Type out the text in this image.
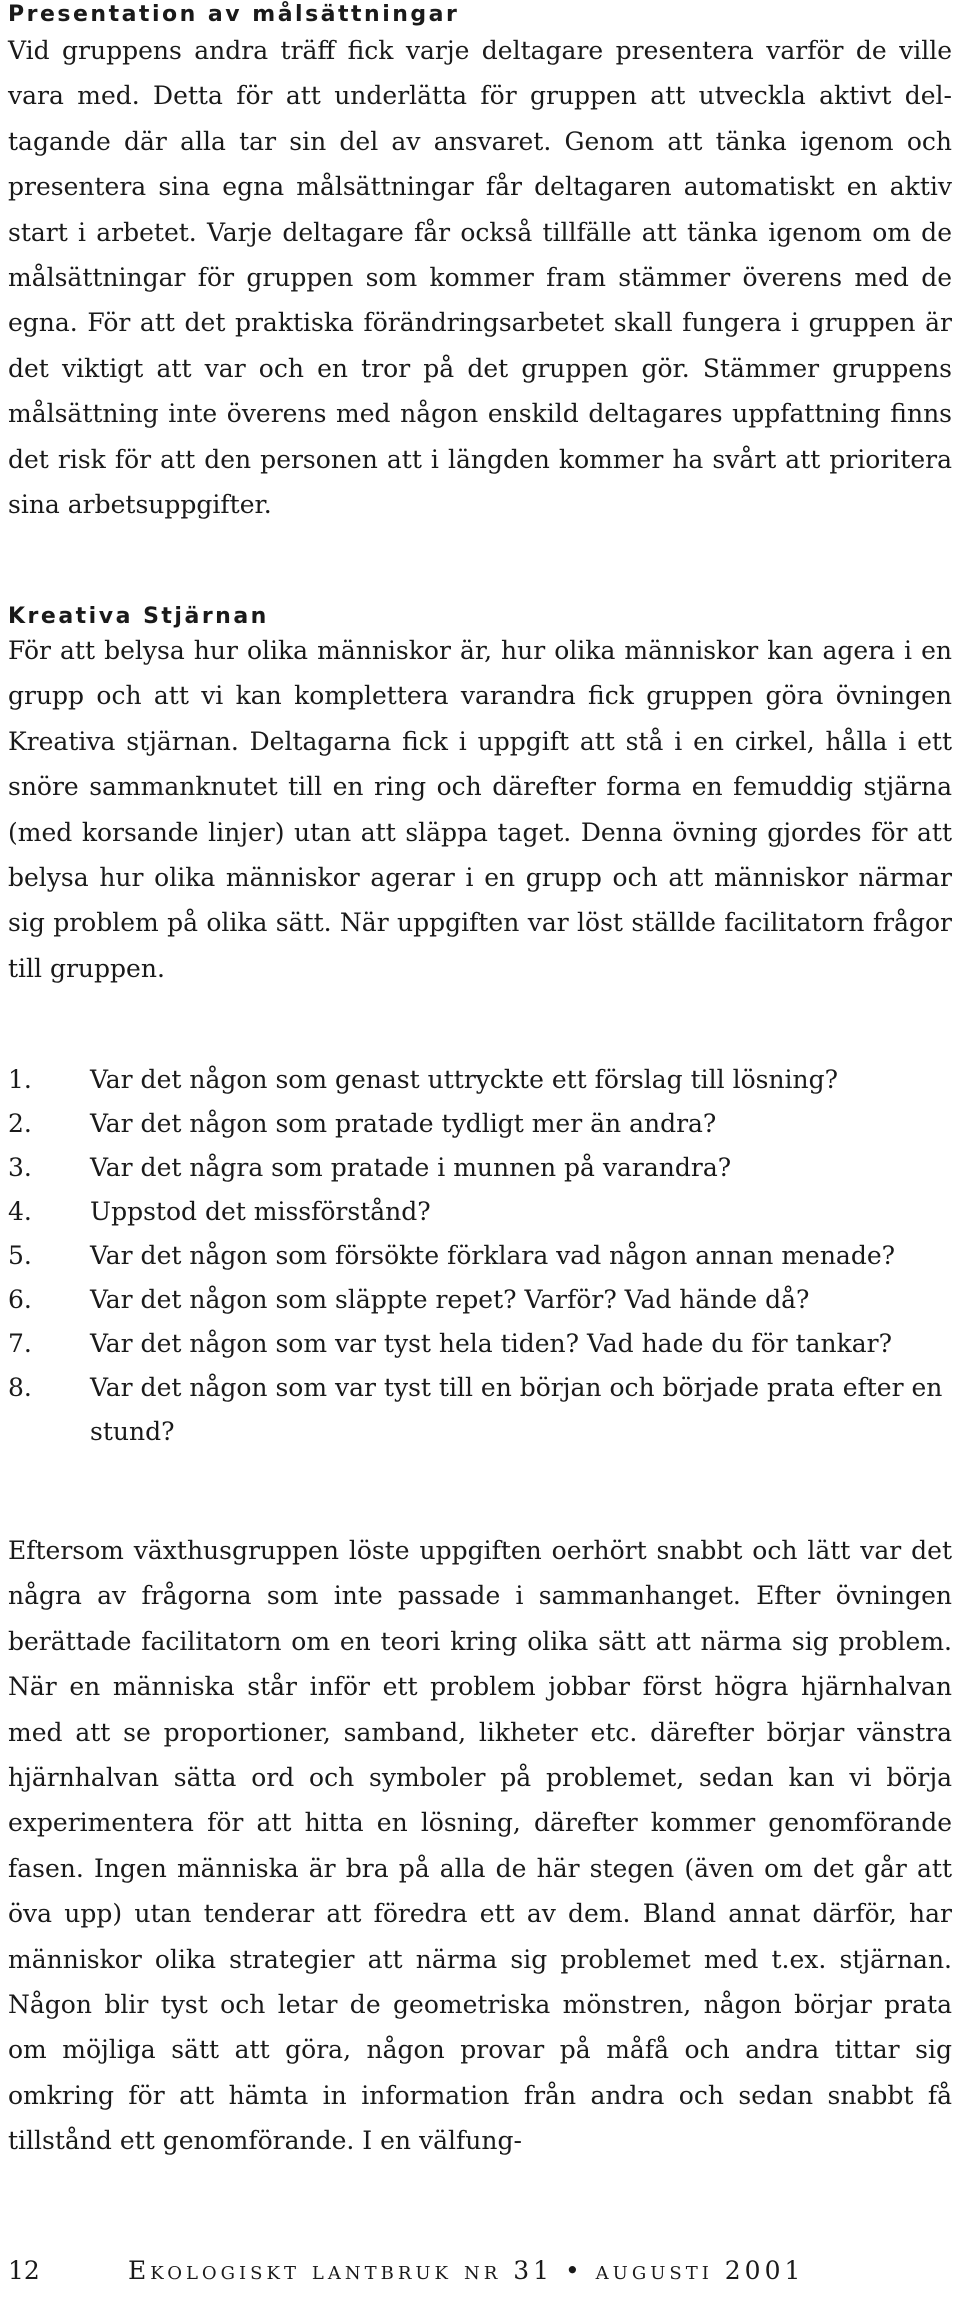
Presentation av målsättningar

Vid gruppens andra träff fick varje deltagare presentera varför de ville vara med. Detta för att underlätta för gruppen att utveckla aktivt deltagande där alla tar sin del av ansvaret. Genom att tänka igenom och presentera sina egna målsättningar får deltagaren automatiskt en aktiv start i arbetet. Varje deltagare får också tillfälle att tänka igenom om de målsättningar för gruppen som kommer fram stämmer överens med de egna. För att det praktiska förändringsarbetet skall fungera i gruppen är det viktigt att var och en tror på det gruppen gör. Stämmer gruppens målsättning inte överens med någon enskild deltagares uppfattning finns det risk för att den personen att i längden kommer ha svårt att prioritera sina arbetsuppgifter.

Kreativa Stjärnan

För att belysa hur olika människor är, hur olika människor kan agera i en grupp och att vi kan komplettera varandra fick gruppen göra övningen Kreativa stjärnan. Deltagarna fick i uppgift att stå i en cirkel, hålla i ett snöre sammanknutet till en ring och därefter forma en femuddig stjärna (med korsande linjer) utan att släppa taget. Denna övning gjordes för att belysa hur olika människor agerar i en grupp och att människor närmar sig problem på olika sätt. När uppgiften var löst ställde facilitatorn frågor till gruppen.

1.	Var det någon som genast uttryckte ett förslag till lösning?
2.	Var det någon som pratade tydligt mer än andra?
3.	Var det några som pratade i munnen på varandra?
4.	Uppstod det missförstånd?
5.	Var det någon som försökte förklara vad någon annan menade?
6.	Var det någon som släppte repet? Varför? Vad hände då?
7.	Var det någon som var tyst hela tiden? Vad hade du för tankar?
8.	Var det någon som var tyst till en början och började prata efter en stund?

Eftersom växthusgruppen löste uppgiften oerhört snabbt och lätt var det några av frågorna som inte passade i sammanhanget. Efter övningen berättade facilitatorn om en teori kring olika sätt att närma sig problem. När en människa står inför ett problem jobbar först högra hjärnhalvan med att se proportioner, samband, likheter etc. därefter börjar vänstra hjärnhalvan sätta ord och symboler på problemet, sedan kan vi börja experimentera för att hitta en lösning, därefter kommer genomförande fasen. Ingen människa är bra på alla de här stegen (även om det går att öva upp) utan tenderar att föredra ett av dem. Bland annat därför, har människor olika strategier att närma sig problemet med t.ex. stjärnan. Någon blir tyst och letar de geometriska mönstren, någon börjar prata om möjliga sätt att göra, någon provar på måfå och andra tittar sig omkring för att hämta in information från andra och sedan snabbt få tillstånd ett genomförande. I en välfung-

12	Ekologiskt lantbruk nr 31 • augusti 2001
